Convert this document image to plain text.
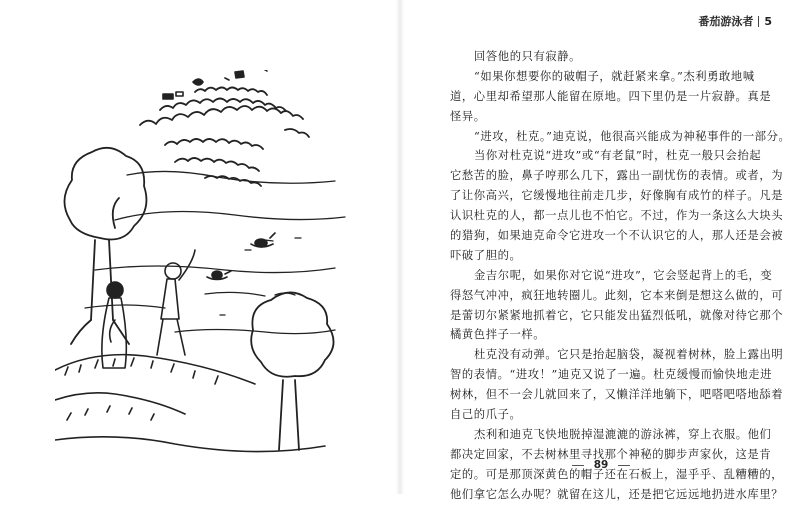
番茄游泳者 5
回答他的只有寂静。
“如果你想要你的破帽子，就赶紧来拿。”杰利勇敢地喊
道，心里却希望那人能留在原地。四下里仍是一片寂静。真是
怪异。
“进攻，杜克。”迪克说，他很高兴能成为神秘事件的一部分。
当你对杜克说“进攻”或“有老鼠”时，杜克一般只会抬起
它愁苦的脸，鼻子哼那么几下，露出一副忧伤的表情。或者，为
了让你高兴，它缓慢地往前走几步，好像胸有成竹的样子。凡是
认识杜克的人，都一点儿也不怕它。不过，作为一条这么大块头
的猎狗，如果迪克命令它进攻一个不认识它的人，那人还是会被
吓破了胆的。
金吉尔呢，如果你对它说“进攻”，它会竖起背上的毛，变
得怒气冲冲，疯狂地转圈儿。此刻，它本来倒是想这么做的，可
是蕾切尔紧紧地抓着它，它只能发出猛烈低吼，就像对待它那个
橘黄色拌子一样。
杜克没有动弹。它只是抬起脑袋，凝视着树林，脸上露出明
智的表情。“进攻！”迪克又说了一遍。杜克缓慢而愉快地走进
树林，但不一会儿就回来了，又懒洋洋地躺下，吧嗒吧嗒地舔着
自己的爪子。
杰利和迪克飞快地脱掉湿漉漉的游泳裤，穿上衣服。他们
都决定回家，不去树林里寻找那个神秘的脚步声家伙，这是肯
定的。可是那顶深黄色的帽子还在石板上，湿乎乎、乱糟糟的，
他们拿它怎么办呢？就留在这儿，还是把它远远地扔进水库里？
89
